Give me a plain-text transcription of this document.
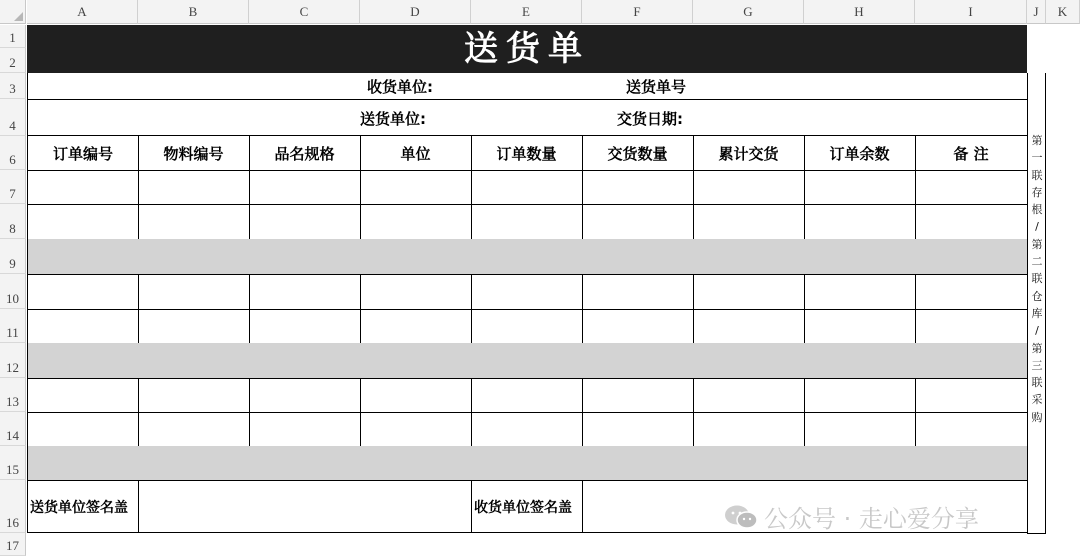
A	B	C	D	E	F	G	H	I	J	K
1
2
3
4
6
7
8
9
10
11
12
13
14
15
16
17
送货单
收货单位:	送货单号
送货单位:	交货日期:
订单编号	物料编号	品名规格	单位	订单数量	交货数量	累计交货	订单余数	备 注
送货单位签名盖	收货单位签名盖
第
一
联
存
根
/
第
二
联
仓
库
/
第
三
联
采
购
公众号 · 走心爱分享
